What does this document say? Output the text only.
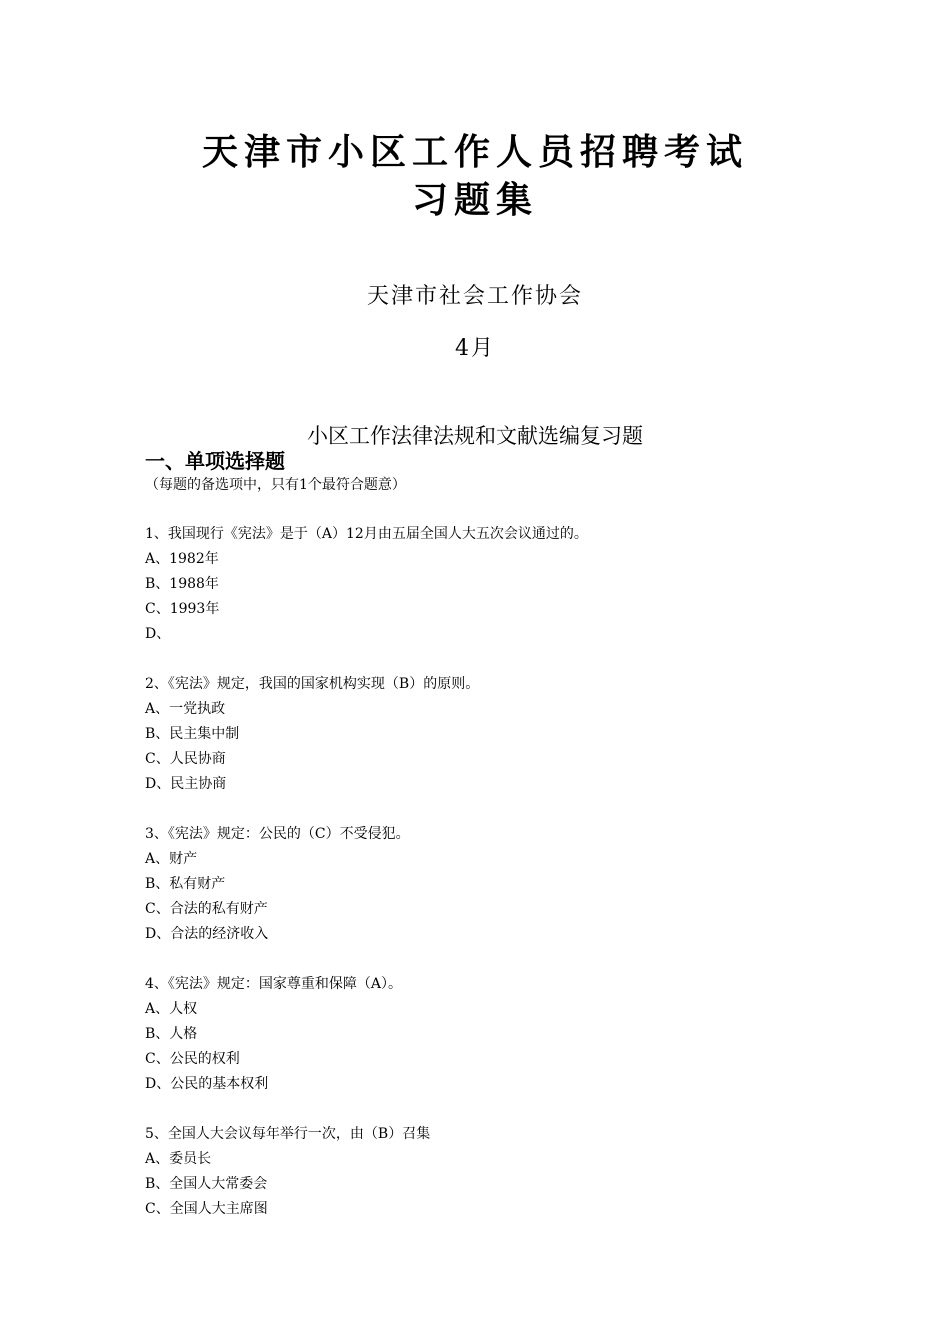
天津市小区工作人员招聘考试
习题集
天津市社会工作协会
4月
小区工作法律法规和文献选编复习题
一、单项选择题
（每题的备选项中，只有1个最符合题意）
1、我国现行《宪法》是于（A）12月由五届全国人大五次会议通过的。
A、1982年
B、1988年
C、1993年
D、
2、《宪法》规定，我国的国家机构实现（B）的原则。
A、一党执政
B、民主集中制
C、人民协商
D、民主协商
3、《宪法》规定：公民的（C）不受侵犯。
A、财产
B、私有财产
C、合法的私有财产
D、合法的经济收入
4、《宪法》规定：国家尊重和保障（A）。
A、人权
B、人格
C、公民的权利
D、公民的基本权利
5、全国人大会议每年举行一次，由（B）召集
A、委员长
B、全国人大常委会
C、全国人大主席图
